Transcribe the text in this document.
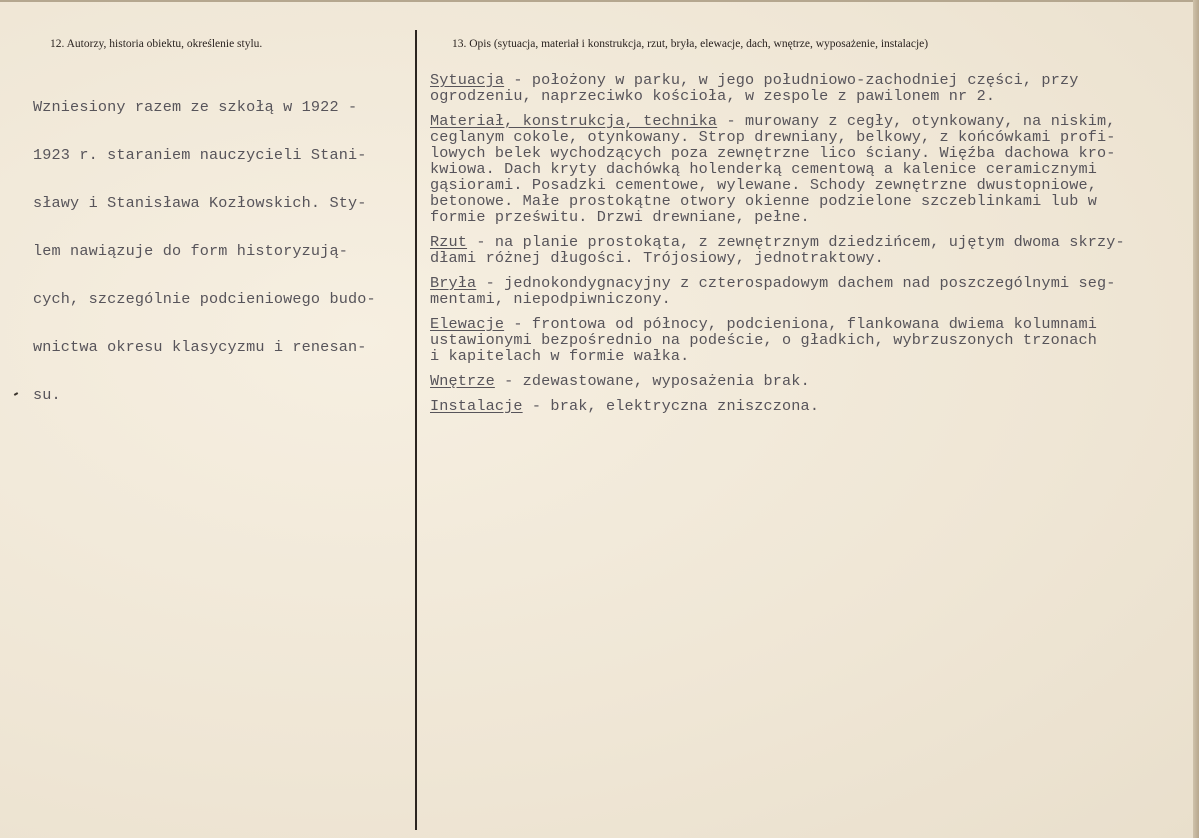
12. Autorzy, historia obiektu, określenie stylu.	13. Opis (sytuacja, materiał i konstrukcja, rzut, bryła, elewacje, dach, wnętrze, wyposażenie, instalacje)

Wzniesiony razem ze szkołą w 1922 -

1923 r. staraniem nauczycieli Stani-

sławy i Stanisława Kozłowskich. Sty-

lem nawiązuje do form historyzują-

cych, szczególnie podcieniowego budo-

wnictwa okresu klasycyzmu i renesan-

su.

Sytuacja - położony w parku, w jego południowo-zachodniej części, przy
ogrodzeniu, naprzeciwko kościoła, w zespole z pawilonem nr 2.
Materiał, konstrukcja, technika - murowany z cegły, otynkowany, na niskim,
ceglanym cokole, otynkowany. Strop drewniany, belkowy, z końcówkami profi-
lowych belek wychodzących poza zewnętrzne lico ściany. Więźba dachowa kro-
kwiowa. Dach kryty dachówką holenderką cementową a kalenice ceramicznymi
gąsiorami. Posadzki cementowe, wylewane. Schody zewnętrzne dwustopniowe,
betonowe. Małe prostokątne otwory okienne podzielone szczeblinkami lub w
formie prześwitu. Drzwi drewniane, pełne.
Rzut - na planie prostokąta, z zewnętrznym dziedzińcem, ujętym dwoma skrzy-
dłami różnej długości. Trójosiowy, jednotraktowy.
Bryła - jednokondygnacyjny z czterospadowym dachem nad poszczególnymi seg-
mentami, niepodpiwniczony.
Elewacje - frontowa od północy, podcieniona, flankowana dwiema kolumnami
ustawionymi bezpośrednio na podeście, o gładkich, wybrzuszonych trzonach
i kapitelach w formie wałka.
Wnętrze - zdewastowane, wyposażenia brak.
Instalacje - brak, elektryczna zniszczona.
